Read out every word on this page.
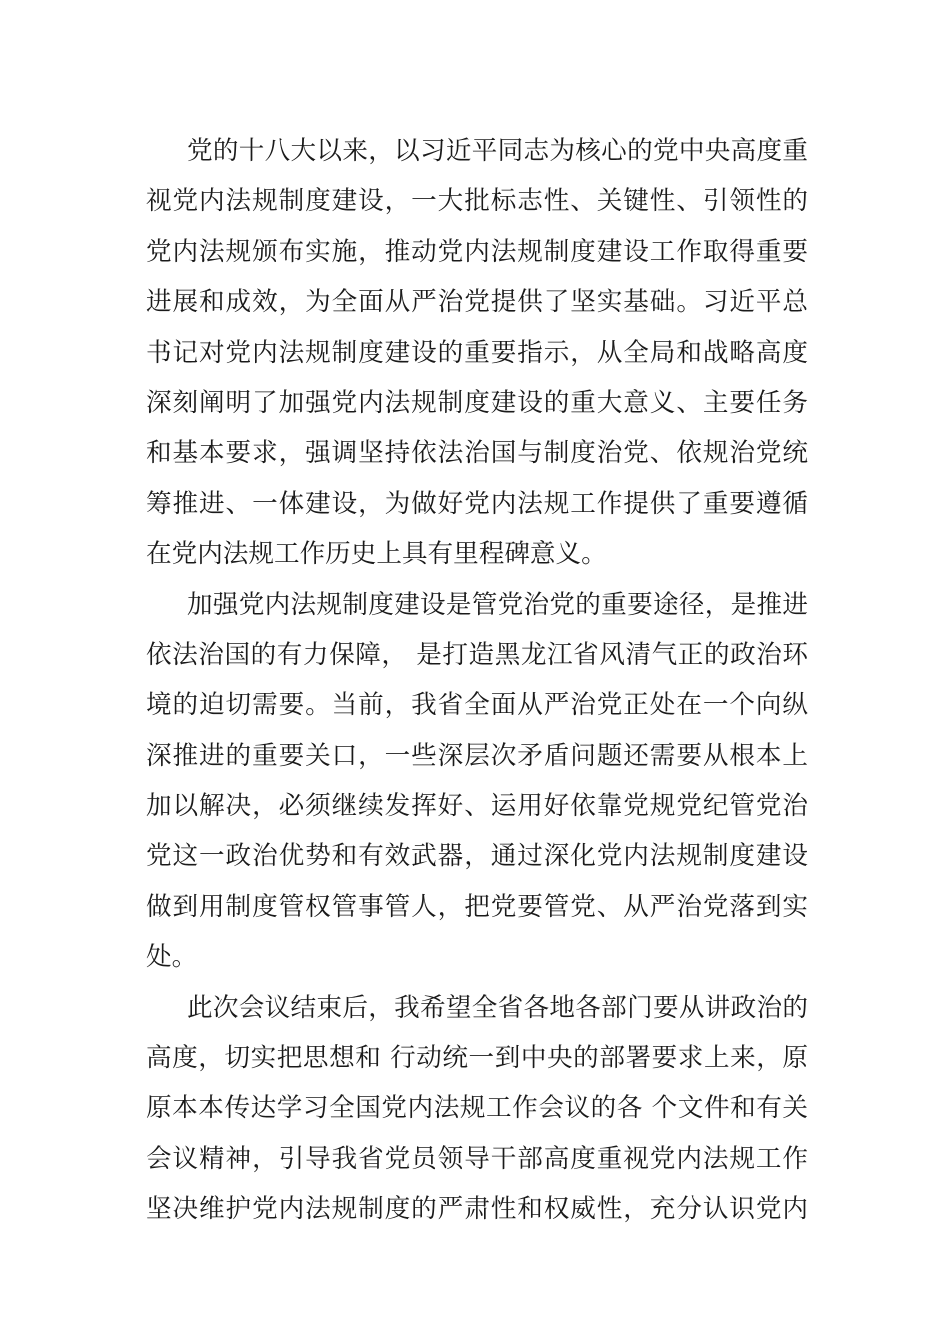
党的十八大以来，以习近平同志为核心的党中央高度重
视党内法规制度建设，一大批标志性、关键性、引领性的
党内法规颁布实施，推动党内法规制度建设工作取得重要
进展和成效，为全面从严治党提供了坚实基础。习近平总
书记对党内法规制度建设的重要指示，从全局和战略高度
深刻阐明了加强党内法规制度建设的重大意义、主要任务
和基本要求，强调坚持依法治国与制度治党、依规治党统
筹推进、一体建设，为做好党内法规工作提供了重要遵循
在党内法规工作历史上具有里程碑意义。
加强党内法规制度建设是管党治党的重要途径，是推进
依法治国的有力保障， 是打造黑龙江省风清气正的政治环
境的迫切需要。当前，我省全面从严治党正处在一个向纵
深推进的重要关口，一些深层次矛盾问题还需要从根本上
加以解决，必须继续发挥好、运用好依靠党规党纪管党治
党这一政治优势和有效武器，通过深化党内法规制度建设
做到用制度管权管事管人，把党要管党、从严治党落到实
处。
此次会议结束后，我希望全省各地各部门要从讲政治的
高度，切实把思想和 行动统一到中央的部署要求上来，原
原本本传达学习全国党内法规工作会议的各 个文件和有关
会议精神，引导我省党员领导干部高度重视党内法规工作
坚决维护党内法规制度的严肃性和权威性，充分认识党内
